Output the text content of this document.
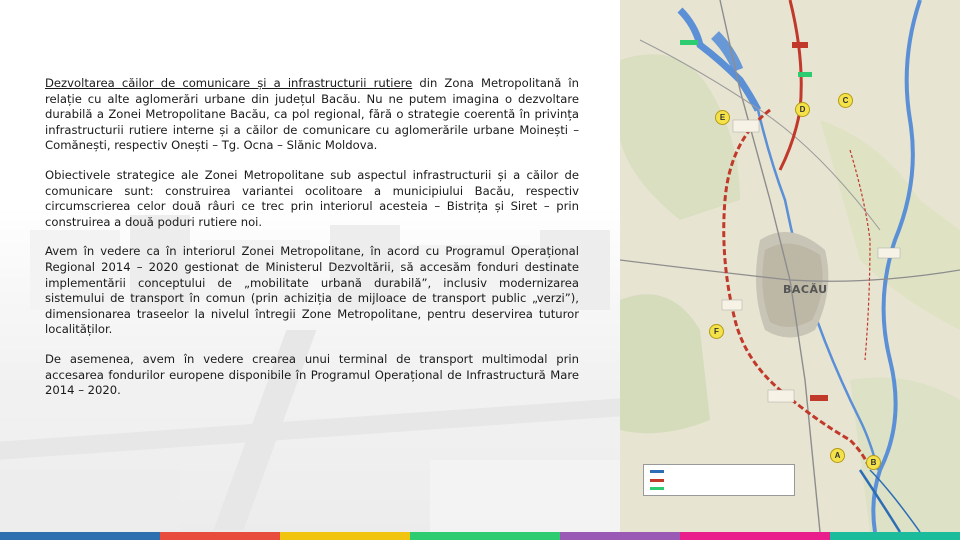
Dezvoltarea căilor de comunicare și a infrastructurii rutiere din Zona Metropolitană în relație cu alte aglomerări urbane din județul Bacău. Nu ne putem imagina o dezvoltare durabilă a Zonei Metropolitane Bacău, ca pol regional, fără o strategie coerentă în privința infrastructurii rutiere interne și a căilor de comunicare cu aglomerările urbane Moinești – Comănești, respectiv Onești – Tg. Ocna – Slănic Moldova.

Obiectivele strategice ale Zonei Metropolitane sub aspectul infrastructurii și a căilor de comunicare sunt: construirea variantei ocolitoare a municipiului Bacău, respectiv circumscrierea celor două râuri ce trec prin interiorul acesteia – Bistrița și Siret – prin construirea a două poduri rutiere noi.

Avem în vedere ca în interiorul Zonei Metropolitane, în acord cu Programul Operațional Regional 2014 – 2020 gestionat de Ministerul Dezvoltării, să accesăm fonduri destinate implementării conceptului de „mobilitate urbană durabilă”, inclusiv modernizarea sistemului de transport în comun (prin achiziția de mijloace de transport public „verzi”), dimensionarea traseelor la nivelul întregii Zone Metropolitane, pentru deservirea tuturor localităților.

De asemenea, avem în vedere crearea unui terminal de transport multimodal prin accesarea fondurilor europene disponibile în Programul Operațional de Infrastructură Mare 2014 – 2020.

BACĂU
E
D
C
F
A
B
